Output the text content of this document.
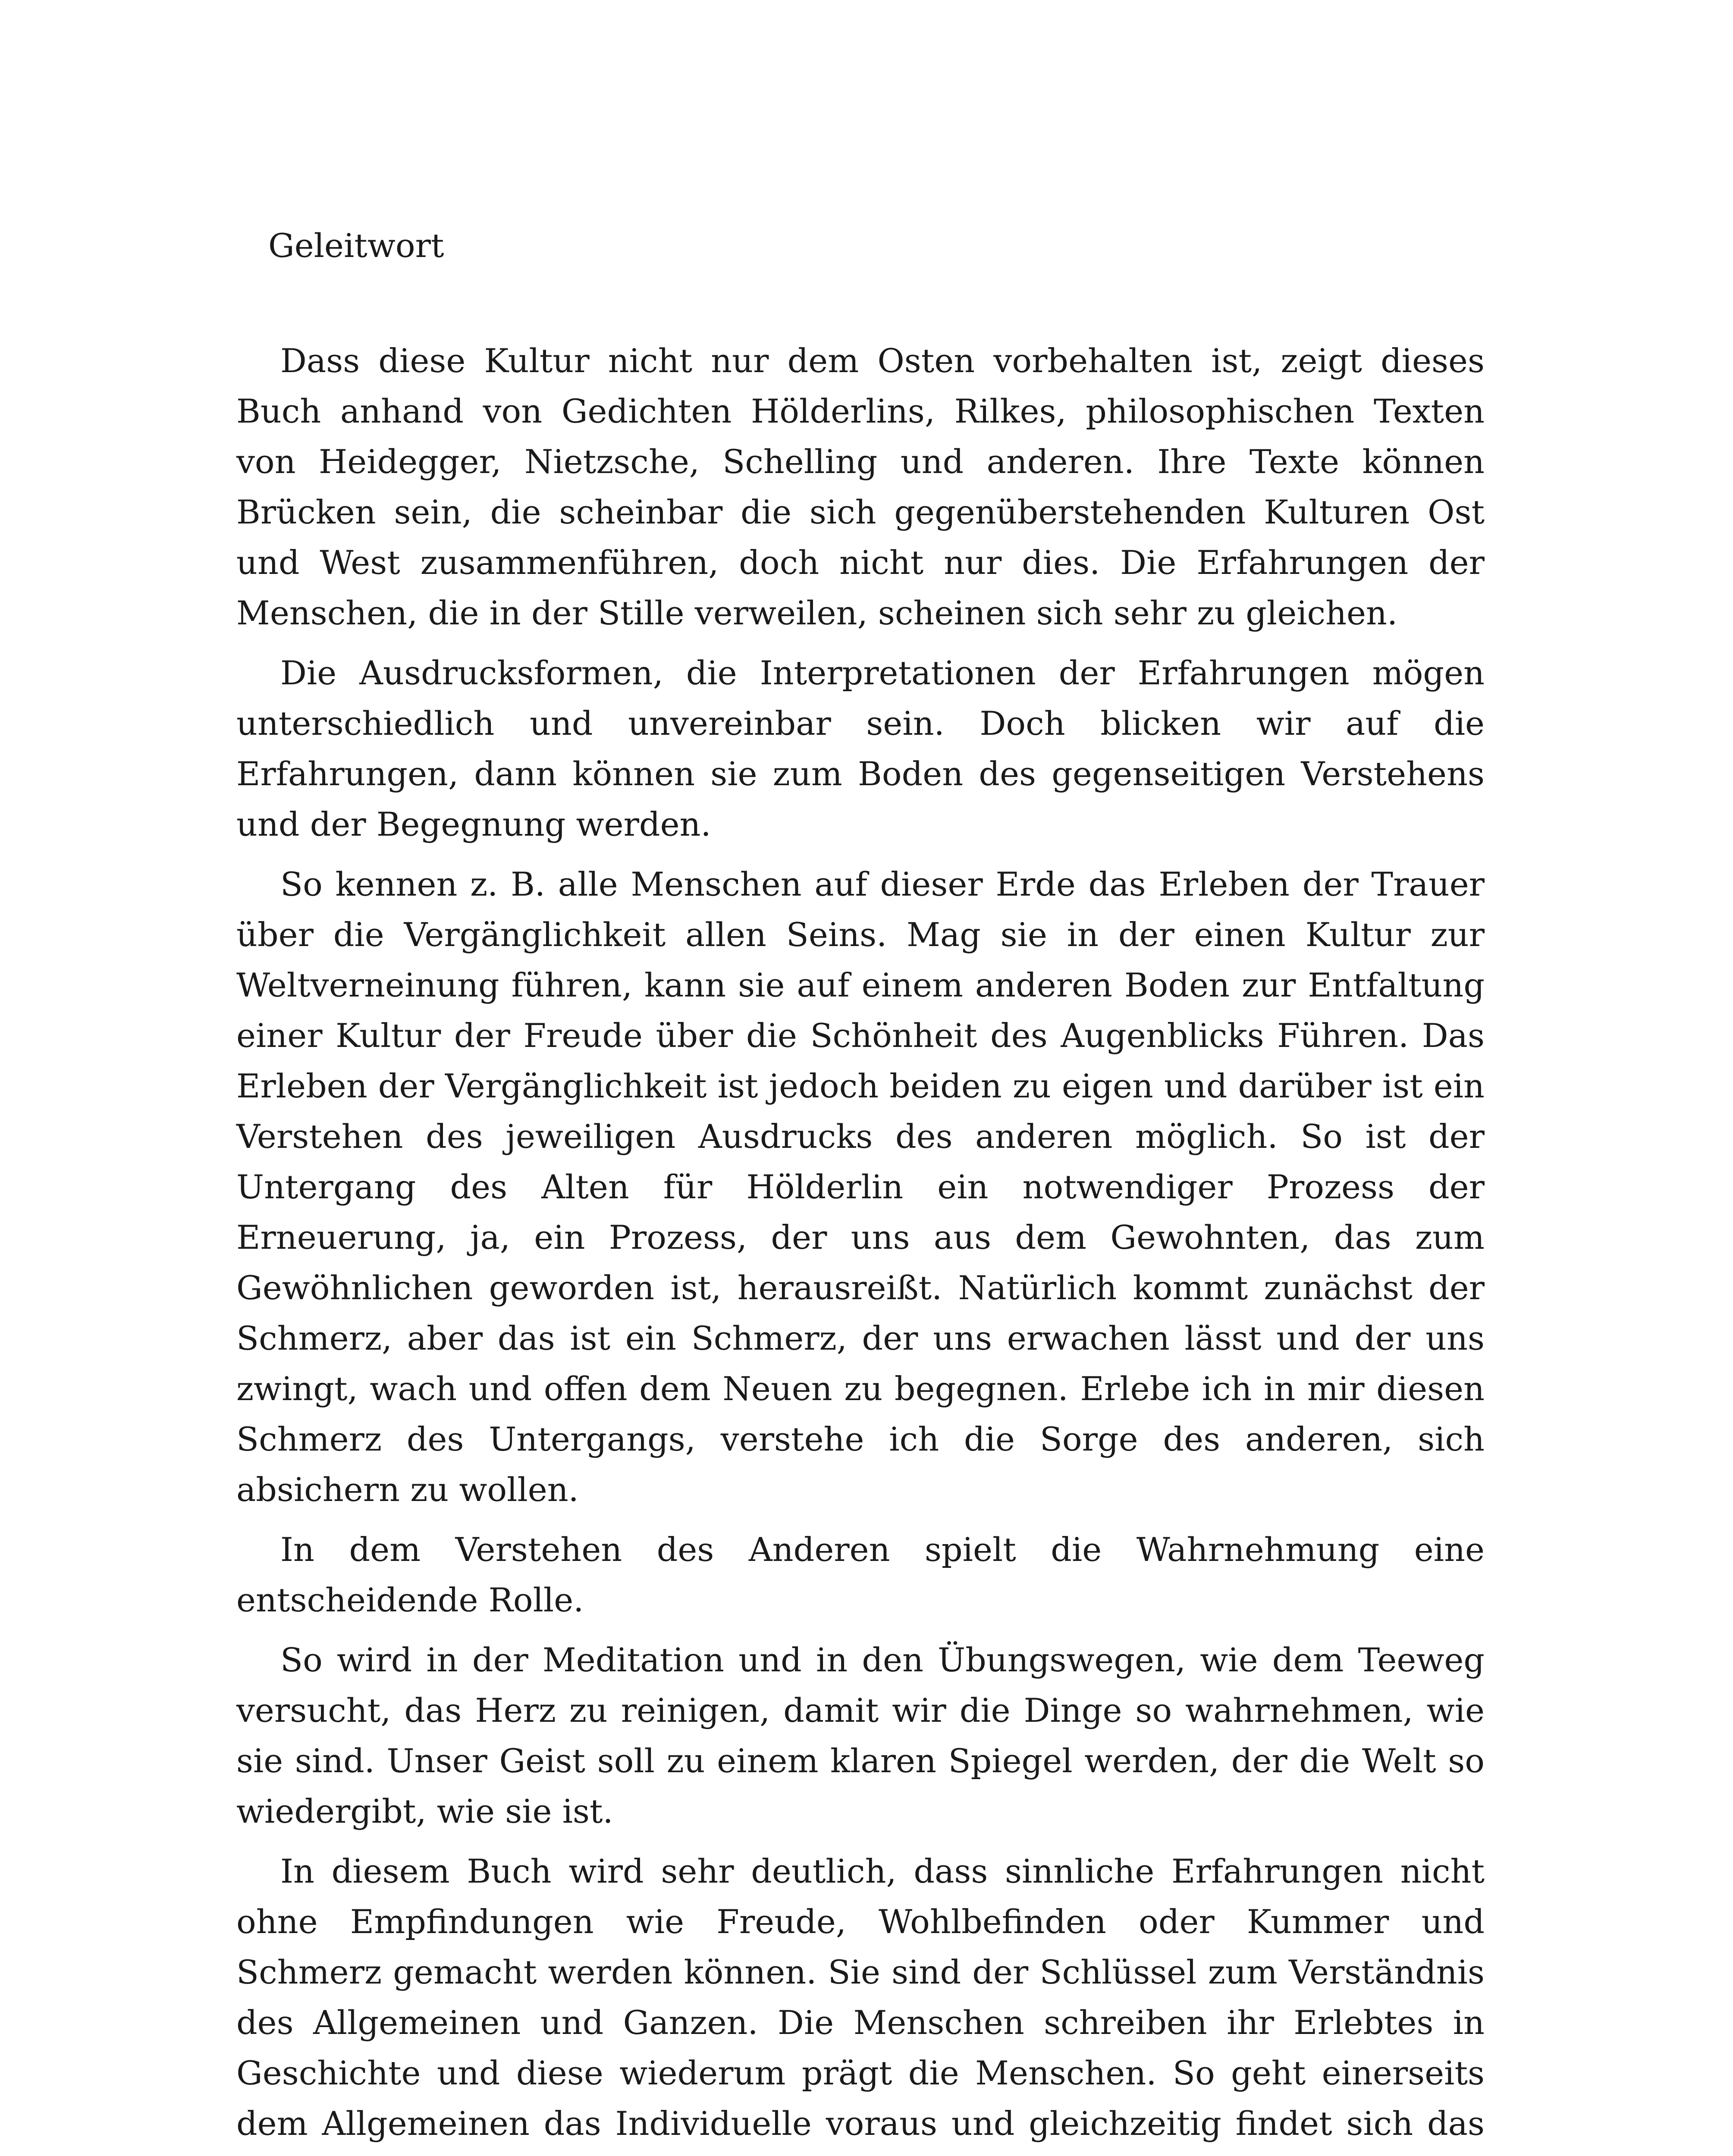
Geleitwort

Dass diese Kultur nicht nur dem Osten vorbehalten ist, zeigt dieses Buch anhand von Gedichten Hölderlins, Rilkes, philosophischen Texten von Heidegger, Nietzsche, Schelling und anderen. Ihre Texte können Brücken sein, die scheinbar die sich gegenüberstehenden Kulturen Ost und West zusammenführen, doch nicht nur dies. Die Erfahrungen der Menschen, die in der Stille verweilen, scheinen sich sehr zu gleichen.

Die Ausdrucksformen, die Interpretationen der Erfahrungen mögen unterschiedlich und unvereinbar sein. Doch blicken wir auf die Erfahrungen, dann können sie zum Boden des gegenseitigen Verstehens und der Begegnung werden.

So kennen z. B. alle Menschen auf dieser Erde das Erleben der Trauer über die Vergänglichkeit allen Seins. Mag sie in der einen Kultur zur Weltverneinung führen, kann sie auf einem anderen Boden zur Entfaltung einer Kultur der Freude über die Schönheit des Augenblicks Führen. Das Erleben der Vergänglichkeit ist jedoch beiden zu eigen und darüber ist ein Verstehen des jeweiligen Ausdrucks des anderen möglich. So ist der Untergang des Alten für Hölderlin ein notwendiger Prozess der Erneuerung, ja, ein Prozess, der uns aus dem Gewohnten, das zum Gewöhnlichen geworden ist, herausreißt. Natürlich kommt zunächst der Schmerz, aber das ist ein Schmerz, der uns erwachen lässt und der uns zwingt, wach und offen dem Neuen zu begegnen. Erlebe ich in mir diesen Schmerz des Untergangs, verstehe ich die Sorge des anderen, sich absichern zu wollen.

In dem Verstehen des Anderen spielt die Wahrnehmung eine entscheidende Rolle.

So wird in der Meditation und in den Übungswegen, wie dem Teeweg versucht, das Herz zu reinigen, damit wir die Dinge so wahrnehmen, wie sie sind. Unser Geist soll zu einem klaren Spiegel werden, der die Welt so wiedergibt, wie sie ist.

In diesem Buch wird sehr deutlich, dass sinnliche Erfahrungen nicht ohne Empfindungen wie Freude, Wohlbefinden oder Kummer und Schmerz gemacht werden können. Sie sind der Schlüssel zum Verständnis des Allgemeinen und Ganzen. Die Menschen schreiben ihr Erlebtes in Geschichte und diese wiederum prägt die Menschen. So geht einerseits dem Allgemeinen das Individuelle voraus und gleichzeitig findet sich das
